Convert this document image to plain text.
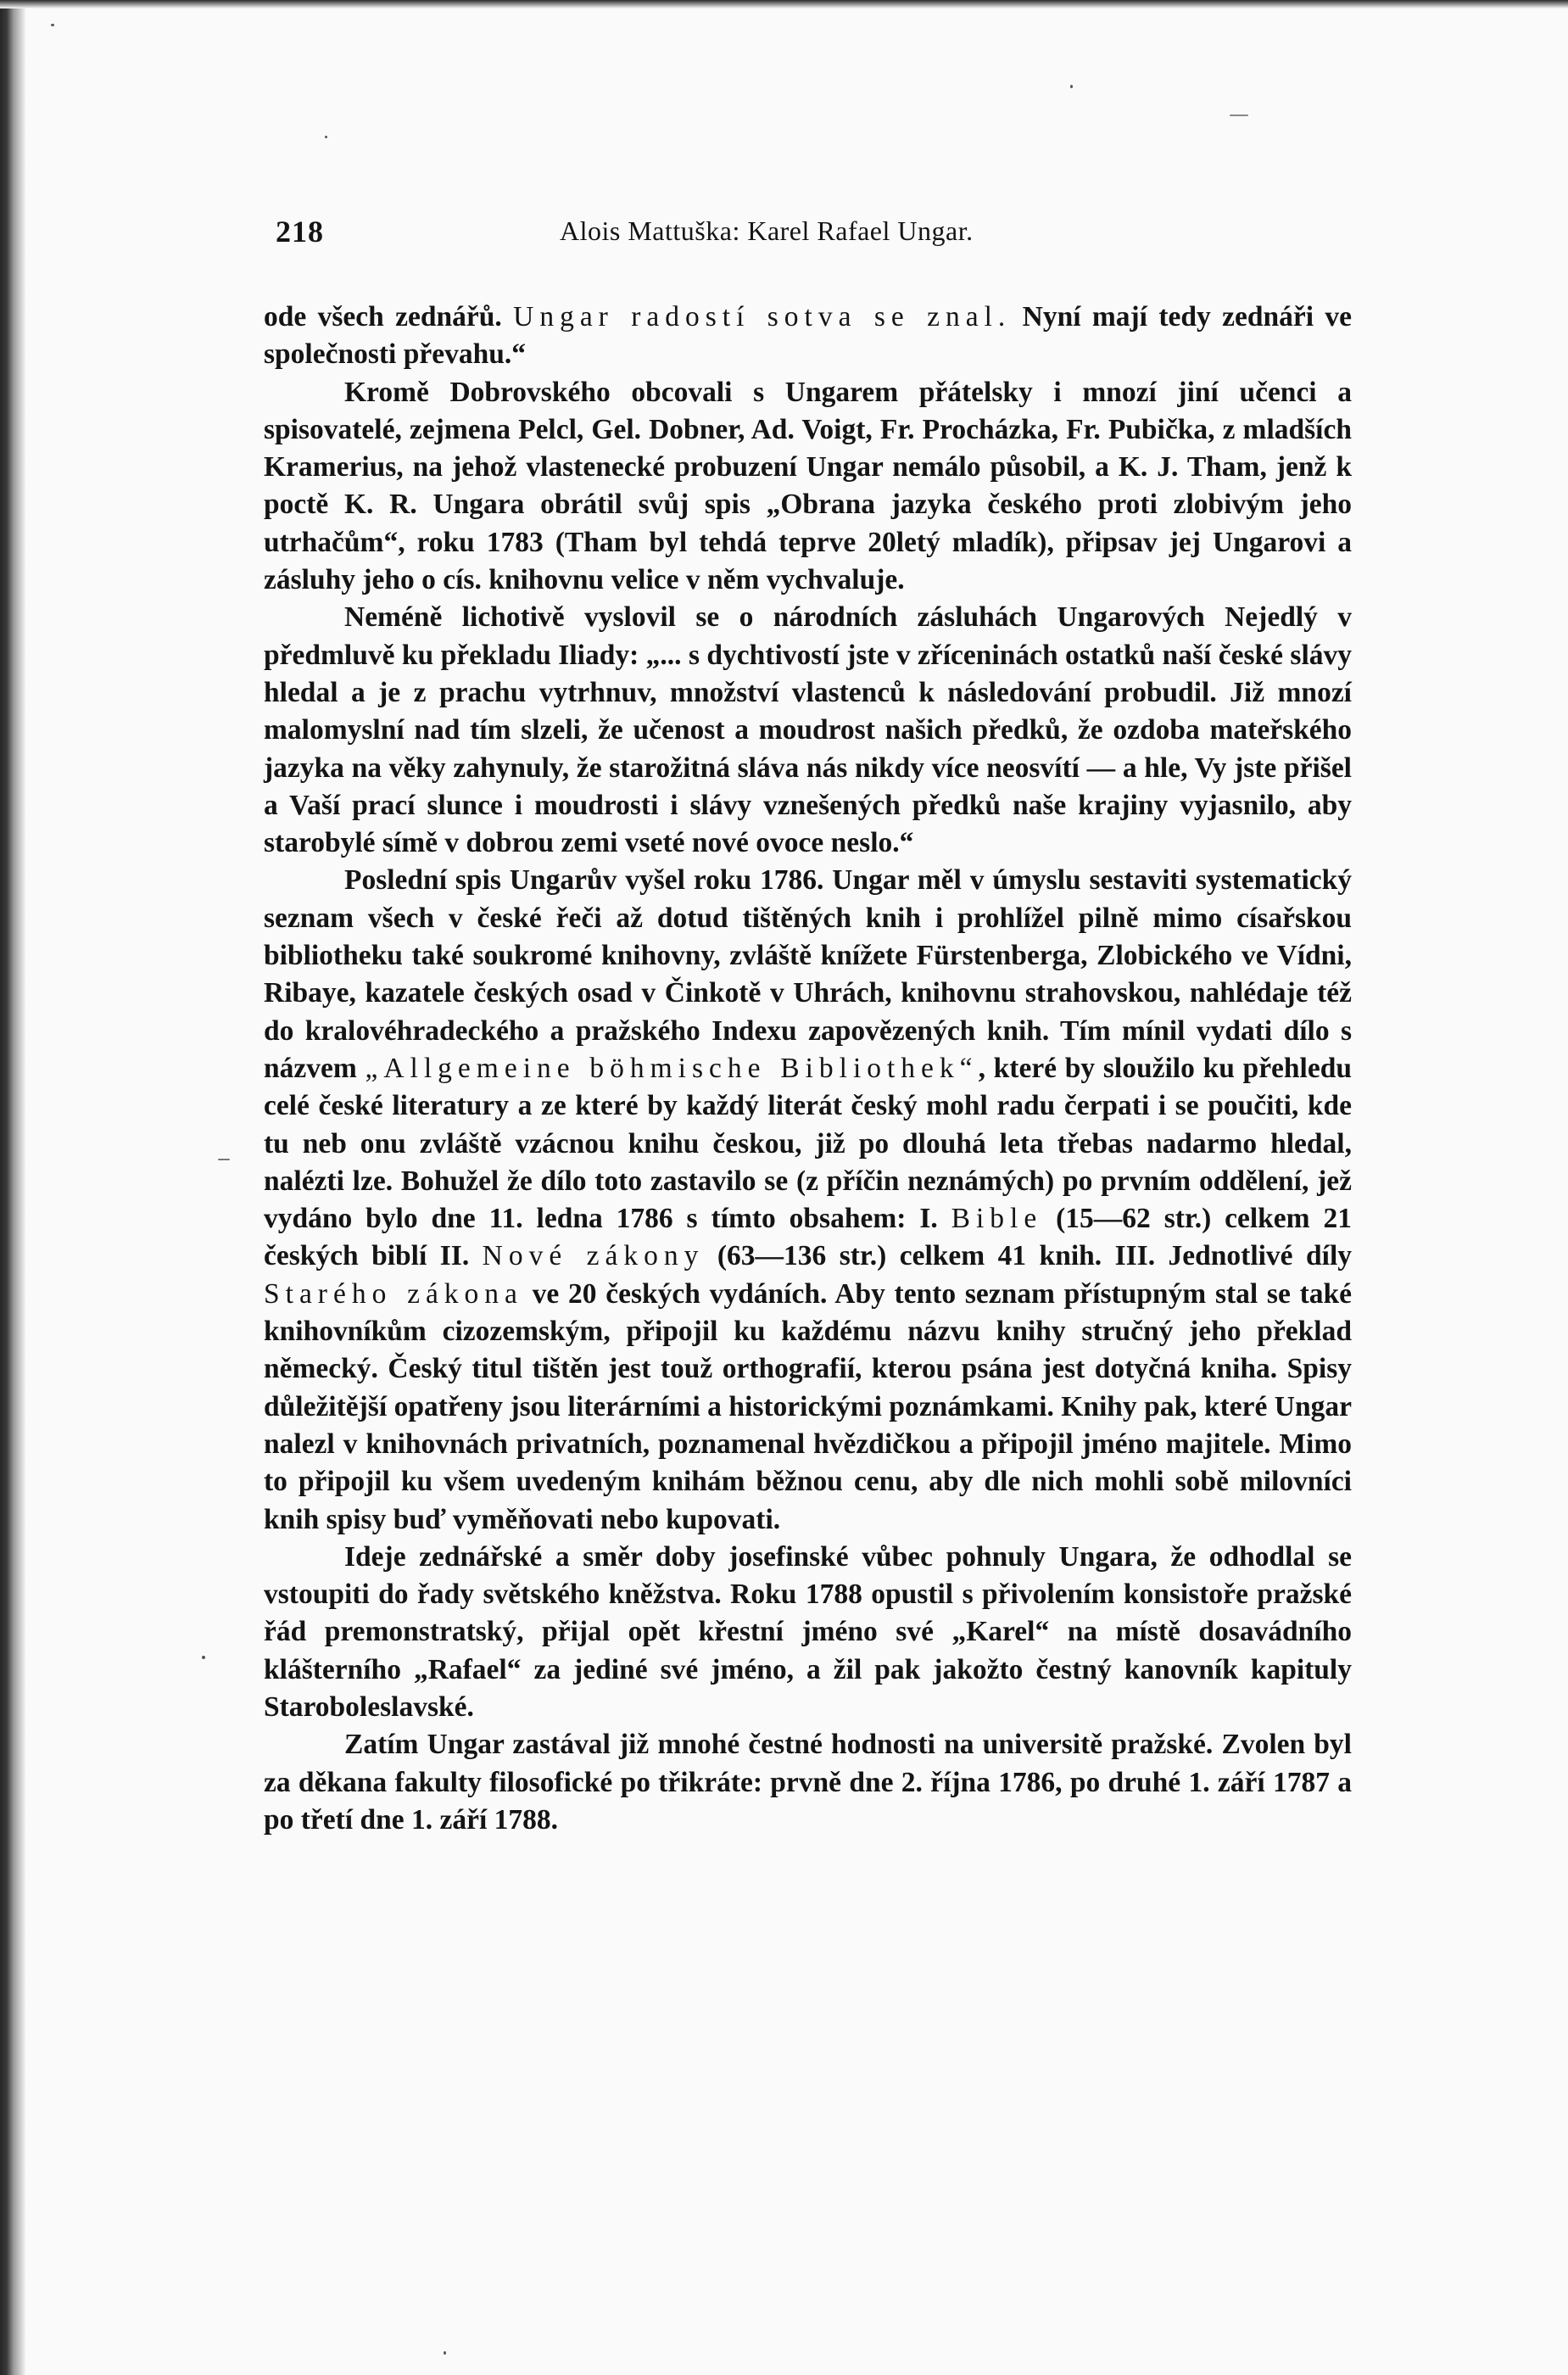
218	Alois Mattuška: Karel Rafael Ungar.

ode všech zednářů. Ungar radostí sotva se znal. Nyní mají tedy zednáři ve společnosti převahu.“

Kromě Dobrovského obcovali s Ungarem přátelsky i mnozí jiní učenci a spisovatelé, zejmena Pelcl, Gel. Dobner, Ad. Voigt, Fr. Procházka, Fr. Pubička, z mladších Kramerius, na jehož vlastenecké probuzení Ungar nemálo působil, a K. J. Tham, jenž k poctě K. R. Ungara obrátil svůj spis „Obrana jazyka českého proti zlobivým jeho utrhačům“, roku 1783 (Tham byl tehdá teprve 20letý mladík), připsav jej Ungarovi a zásluhy jeho o cís. knihovnu velice v něm vychvaluje.

Neméně lichotivě vyslovil se o národních zásluhách Ungarových Nejedlý v předmluvě ku překladu Iliady: „... s dychtivostí jste v zříceninách ostatků naší české slávy hledal a je z prachu vytrhnuv, množství vlastenců k následování probudil. Již mnozí malomyslní nad tím slzeli, že učenost a moudrost našich předků, že ozdoba mateřského jazyka na věky zahynuly, že starožitná sláva nás nikdy více neosvítí — a hle, Vy jste přišel a Vaší prací slunce i moudrosti i slávy vznešených předků naše krajiny vyjasnilo, aby starobylé símě v dobrou zemi vseté nové ovoce neslo.“

Poslední spis Ungarův vyšel roku 1786. Ungar měl v úmyslu sestaviti systematický seznam všech v české řeči až dotud tištěných knih i prohlížel pilně mimo císařskou bibliotheku také soukromé knihovny, zvláště knížete Fürstenberga, Zlobického ve Vídni, Ribaye, kazatele českých osad v Činkotě v Uhrách, knihovnu strahovskou, nahlédaje též do kralovéhradeckého a pražského Indexu zapovězených knih. Tím mínil vydati dílo s názvem „Allgemeine böhmische Bibliothek“, které by sloužilo ku přehledu celé české literatury a ze které by každý literát český mohl radu čerpati i se poučiti, kde tu neb onu zvláště vzácnou knihu českou, již po dlouhá leta třebas nadarmo hledal, nalézti lze. Bohužel že dílo toto zastavilo se (z příčin neznámých) po prvním oddělení, jež vydáno bylo dne 11. ledna 1786 s tímto obsahem: I. Bible (15—62 str.) celkem 21 českých biblí II. Nové zákony (63—136 str.) celkem 41 knih. III. Jednotlivé díly Starého zákona ve 20 českých vydáních. Aby tento seznam přístupným stal se také knihovníkům cizozemským, připojil ku každému názvu knihy stručný jeho překlad německý. Český titul tištěn jest touž orthografií, kterou psána jest dotyčná kniha. Spisy důležitější opatřeny jsou literárními a historickými poznámkami. Knihy pak, které Ungar nalezl v knihovnách privatních, poznamenal hvězdičkou a připojil jméno majitele. Mimo to připojil ku všem uvedeným knihám běžnou cenu, aby dle nich mohli sobě milovníci knih spisy buď vyměňovati nebo kupovati.

Ideje zednářské a směr doby josefinské vůbec pohnuly Ungara, že odhodlal se vstoupiti do řady světského kněžstva. Roku 1788 opustil s přivolením konsistoře pražské řád premonstratský, přijal opět křestní jméno své „Karel“ na místě dosavádního klášterního „Rafael“ za jediné své jméno, a žil pak jakožto čestný kanovník kapituly Staroboleslavské.

Zatím Ungar zastával již mnohé čestné hodnosti na universitě pražské. Zvolen byl za děkana fakulty filosofické po třikráte: prvně dne 2. října 1786, po druhé 1. září 1787 a po třetí dne 1. září 1788.
